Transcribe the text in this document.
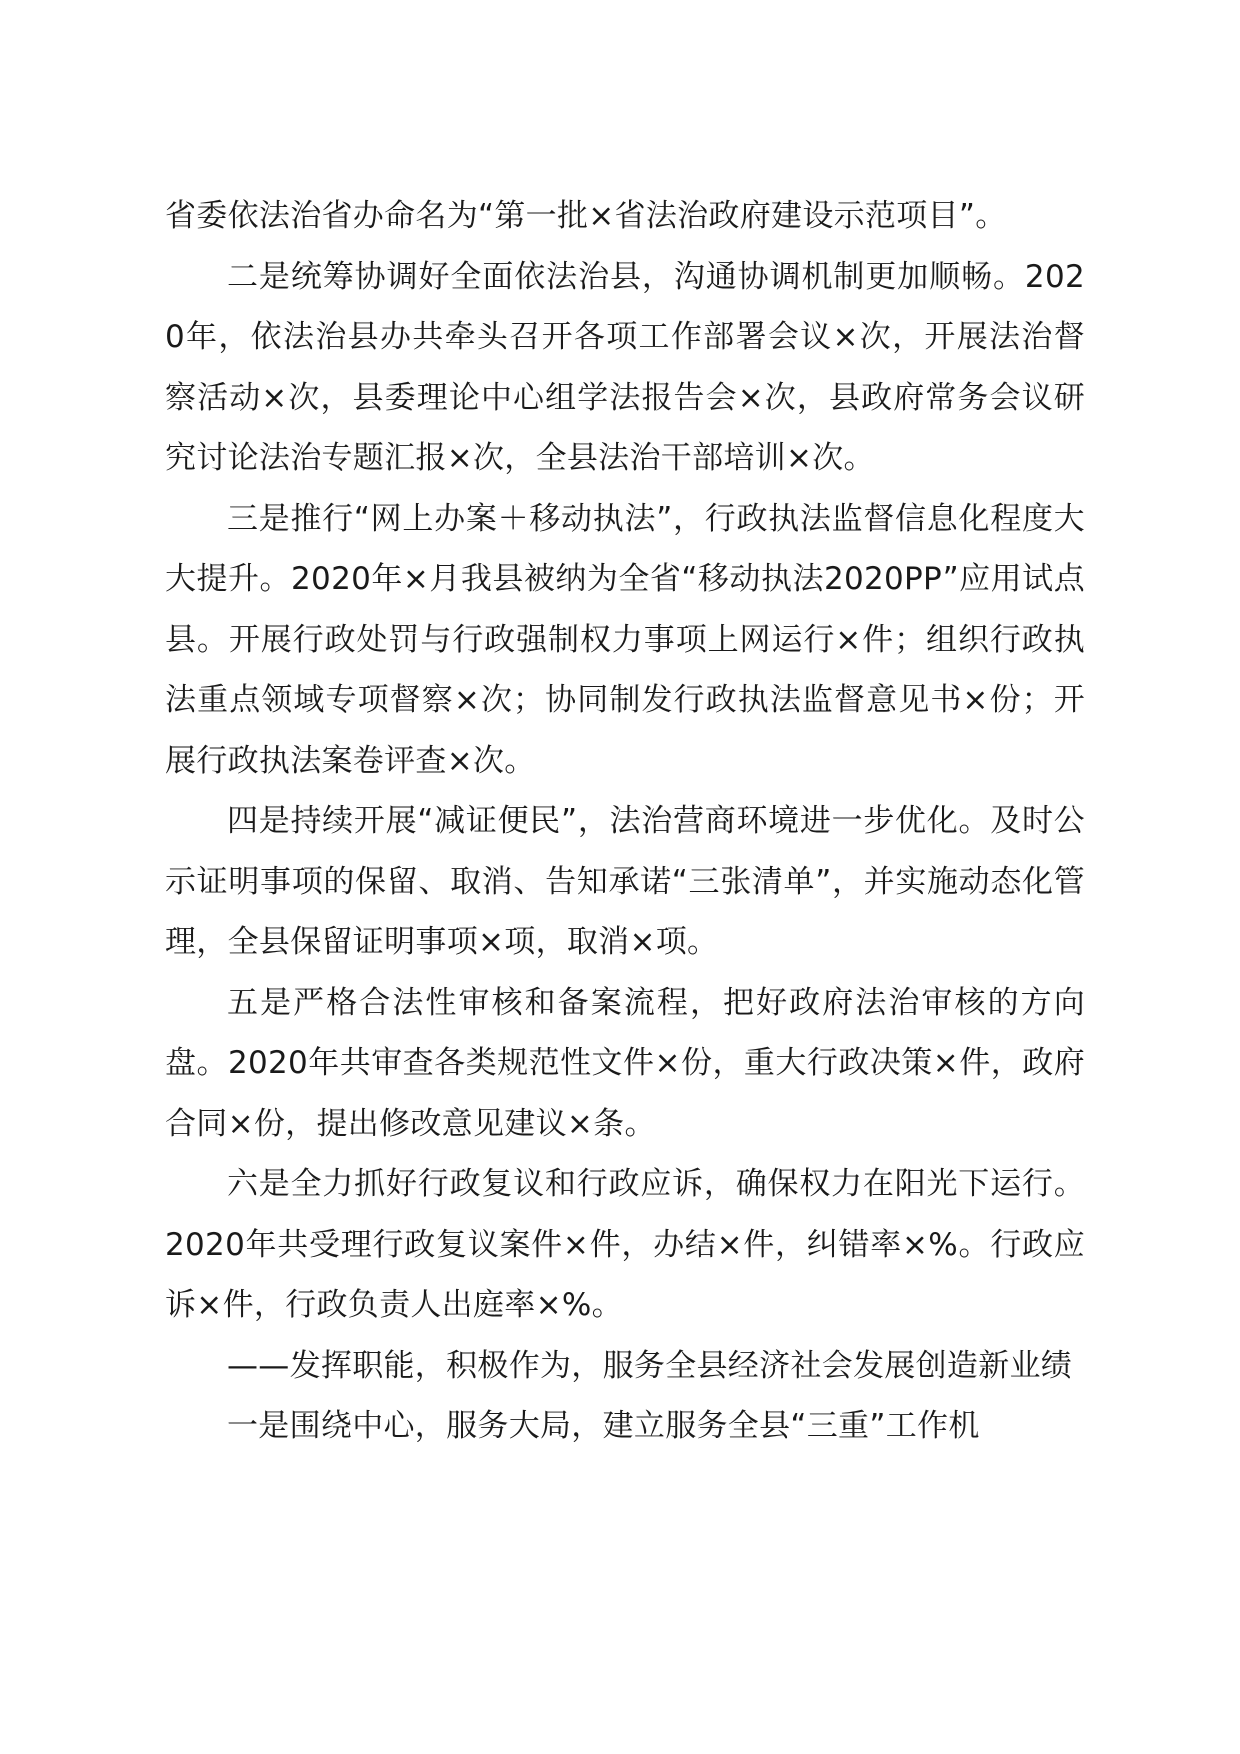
省委依法治省办命名为“第一批×省法治政府建设示范项目”。

二是统筹协调好全面依法治县，沟通协调机制更加顺畅。2020年，依法治县办共牵头召开各项工作部署会议×次，开展法治督察活动×次，县委理论中心组学法报告会×次，县政府常务会议研究讨论法治专题汇报×次，全县法治干部培训×次。

三是推行“网上办案＋移动执法”，行政执法监督信息化程度大大提升。2020年×月我县被纳为全省“移动执法2020PP”应用试点县。开展行政处罚与行政强制权力事项上网运行×件；组织行政执法重点领域专项督察×次；协同制发行政执法监督意见书×份；开展行政执法案卷评查×次。

四是持续开展“减证便民”，法治营商环境进一步优化。及时公示证明事项的保留、取消、告知承诺“三张清单”，并实施动态化管理，全县保留证明事项×项，取消×项。

五是严格合法性审核和备案流程，把好政府法治审核的方向盘。2020年共审查各类规范性文件×份，重大行政决策×件，政府合同×份，提出修改意见建议×条。

六是全力抓好行政复议和行政应诉，确保权力在阳光下运行。2020年共受理行政复议案件×件，办结×件，纠错率×%。行政应诉×件，行政负责人出庭率×%。

——发挥职能，积极作为，服务全县经济社会发展创造新业绩

一是围绕中心，服务大局，建立服务全县“三重”工作机
